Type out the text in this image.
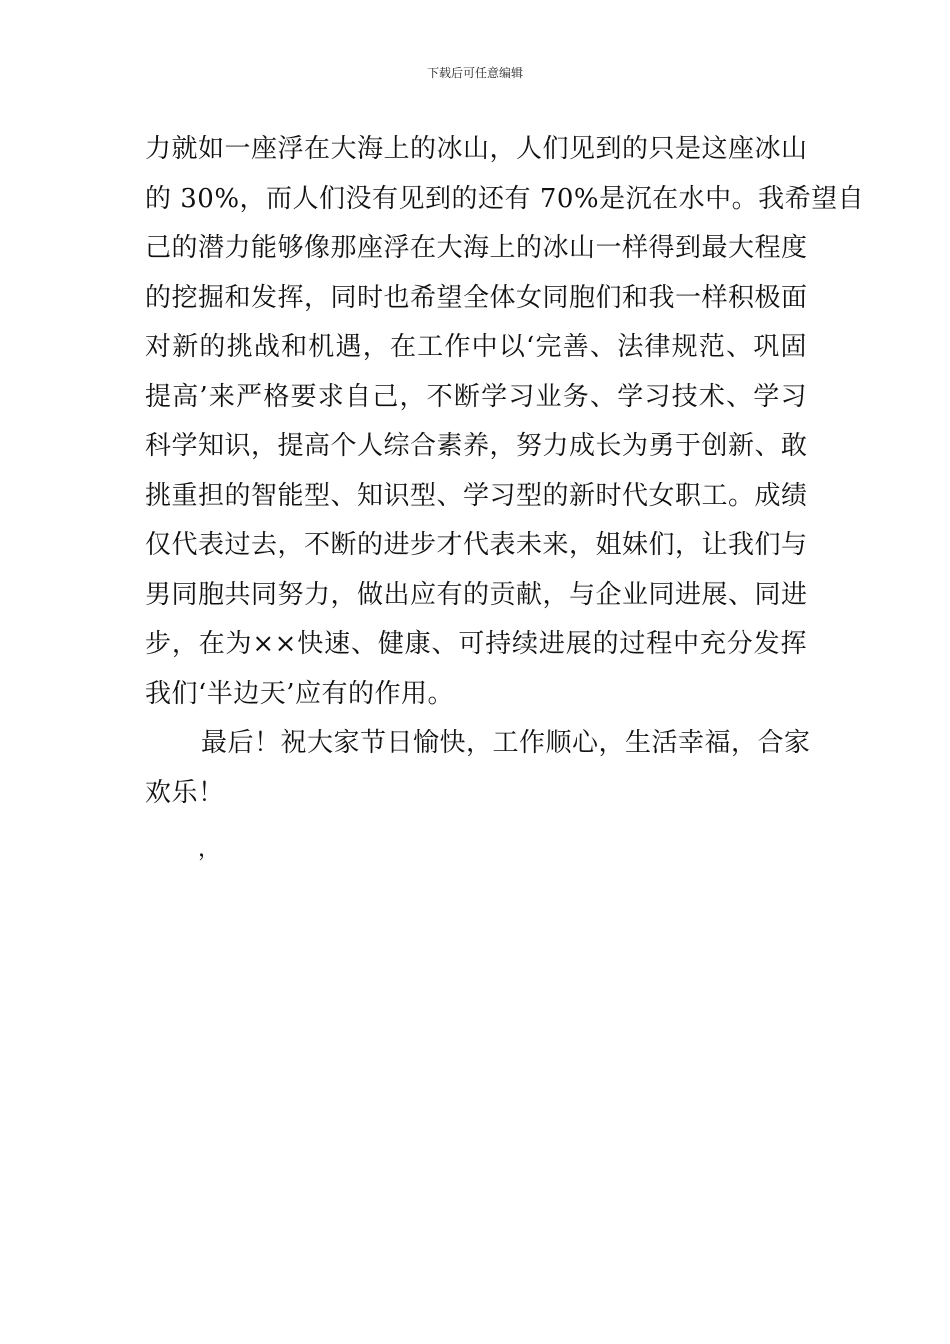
下载后可任意编辑
力就如一座浮在大海上的冰山，人们见到的只是这座冰山
的 30%，而人们没有见到的还有 70%是沉在水中。我希望自
己的潜力能够像那座浮在大海上的冰山一样得到最大程度
的挖掘和发挥，同时也希望全体女同胞们和我一样积极面
对新的挑战和机遇，在工作中以‘完善、法律规范、巩固
提高’来严格要求自己，不断学习业务、学习技术、学习
科学知识，提高个人综合素养，努力成长为勇于创新、敢
挑重担的智能型、知识型、学习型的新时代女职工。成绩
仅代表过去，不断的进步才代表未来，姐妹们，让我们与
男同胞共同努力，做出应有的贡献，与企业同进展、同进
步，在为××快速、健康、可持续进展的过程中充分发挥
我们‘半边天’应有的作用。
最后！祝大家节日愉快，工作顺心，生活幸福，合家
欢乐！
，
